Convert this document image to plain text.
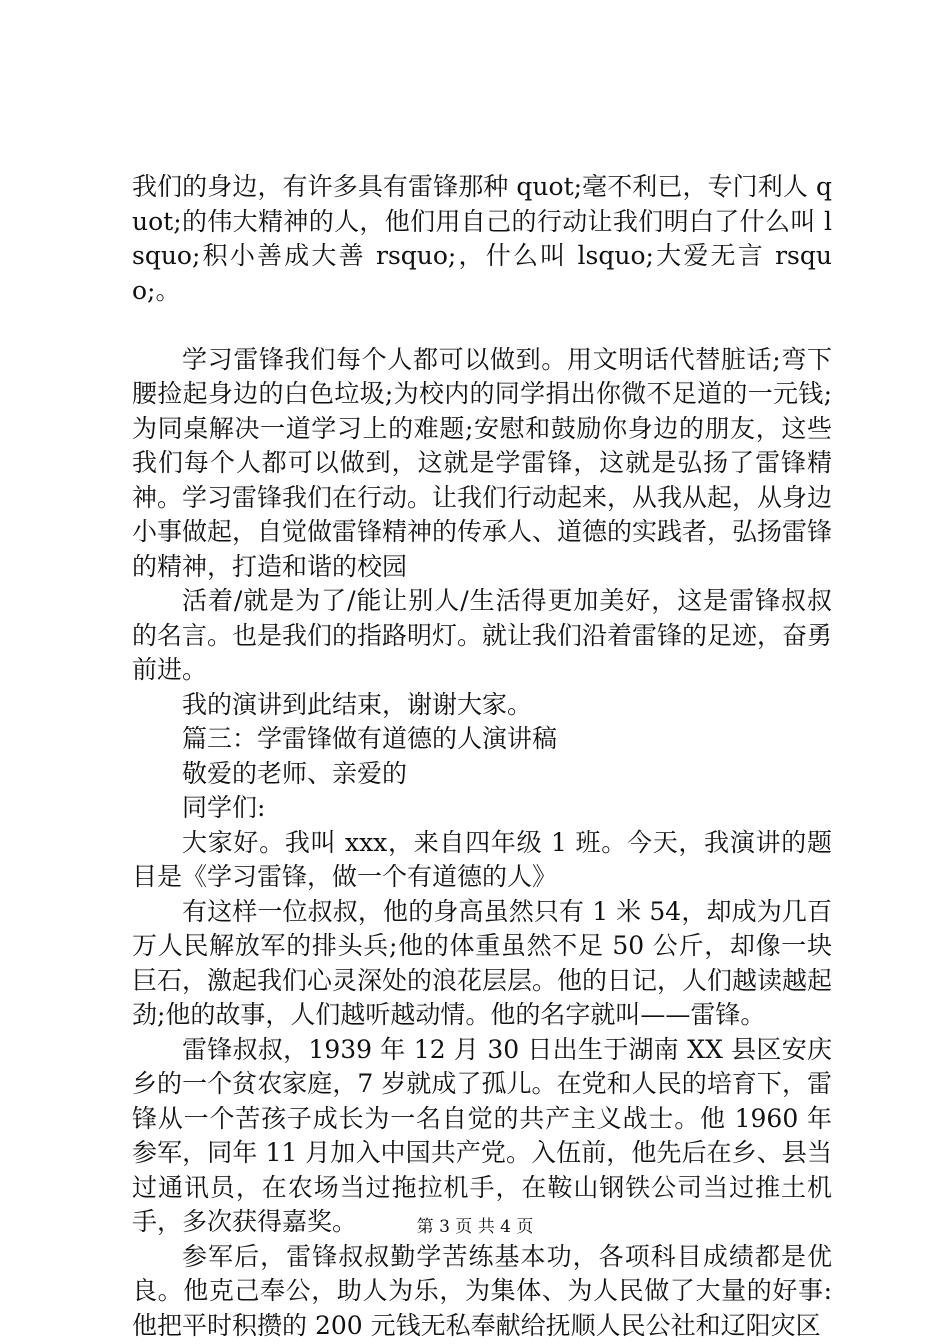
我们的身边，有许多具有雷锋那种 quot;毫不利已，专门利人 quot;的伟大精神的人，他们用自己的行动让我们明白了什么叫 lsquo;积小善成大善 rsquo;，什么叫 lsquo;大爱无言 rsquo;。

学习雷锋我们每个人都可以做到。用文明话代替脏话;弯下腰捡起身边的白色垃圾;为校内的同学捐出你微不足道的一元钱;为同桌解决一道学习上的难题;安慰和鼓励你身边的朋友，这些我们每个人都可以做到，这就是学雷锋，这就是弘扬了雷锋精神。学习雷锋我们在行动。让我们行动起来，从我从起，从身边小事做起，自觉做雷锋精神的传承人、道德的实践者，弘扬雷锋的精神，打造和谐的校园

活着/就是为了/能让别人/生活得更加美好，这是雷锋叔叔的名言。也是我们的指路明灯。就让我们沿着雷锋的足迹，奋勇前进。

我的演讲到此结束，谢谢大家。

篇三：学雷锋做有道德的人演讲稿

敬爱的老师、亲爱的

同学们:

大家好。我叫 xxx，来自四年级 1 班。今天，我演讲的题目是《学习雷锋，做一个有道德的人》

有这样一位叔叔，他的身高虽然只有 1 米 54，却成为几百万人民解放军的排头兵;他的体重虽然不足 50 公斤，却像一块巨石，激起我们心灵深处的浪花层层。他的日记，人们越读越起劲;他的故事，人们越听越动情。他的名字就叫——雷锋。

雷锋叔叔，1939 年 12 月 30 日出生于湖南 XX 县区安庆乡的一个贫农家庭，7 岁就成了孤儿。在党和人民的培育下，雷锋从一个苦孩子成长为一名自觉的共产主义战士。他 1960 年参军，同年 11 月加入中国共产党。入伍前，他先后在乡、县当过通讯员，在农场当过拖拉机手，在鞍山钢铁公司当过推土机手，多次获得嘉奖。

参军后，雷锋叔叔勤学苦练基本功，各项科目成绩都是优良。他克己奉公，助人为乐，为集体、为人民做了大量的好事:他把平时积攒的 200 元钱无私奉献给抚顺人民公社和辽阳灾区

第 3 页 共 4 页
